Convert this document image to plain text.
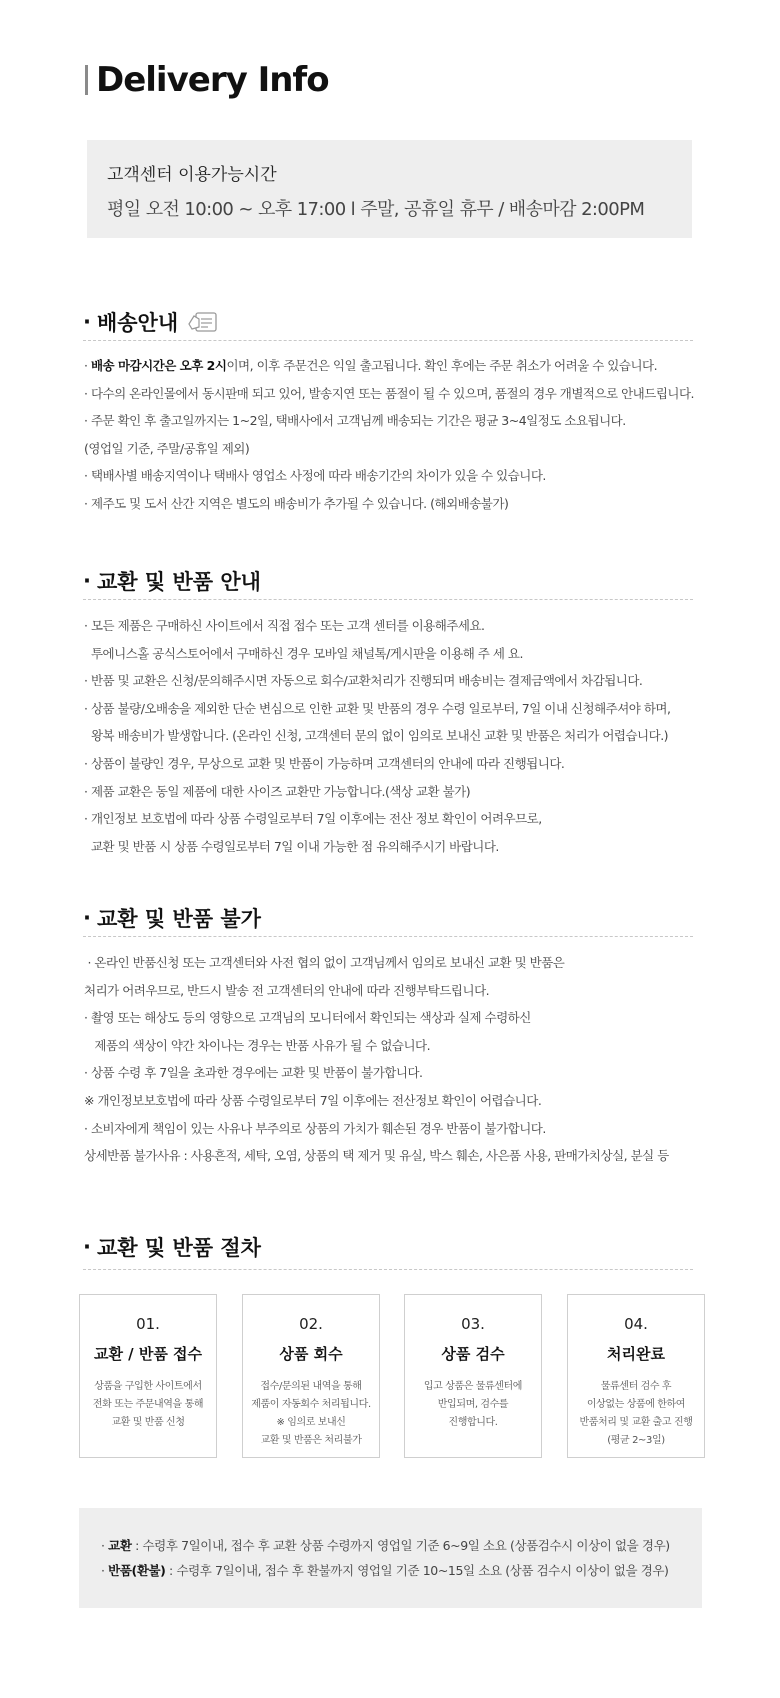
Delivery Info
고객센터 이용가능시간
평일 오전 10:00 ~ 오후 17:00 l 주말, 공휴일 휴무 / 배송마감 2:00PM
· 배송안내
· 배송 마감시간은 오후 2시이며, 이후 주문건은 익일 출고됩니다. 확인 후에는 주문 취소가 어려울 수 있습니다.
· 다수의 온라인몰에서 동시판매 되고 있어, 발송지연 또는 품절이 될 수 있으며, 품절의 경우 개별적으로 안내드립니다.
· 주문 확인 후 출고일까지는 1~2일, 택배사에서 고객님께 배송되는 기간은 평균 3~4일정도 소요됩니다.
(영업일 기준, 주말/공휴일 제외)
· 택배사별 배송지역이나 택배사 영업소 사정에 따라 배송기간의 차이가 있을 수 있습니다.
· 제주도 및 도서 산간 지역은 별도의 배송비가 추가될 수 있습니다. (해외배송불가)
· 교환 및 반품 안내
· 모든 제품은 구매하신 사이트에서 직접 접수 또는 고객 센터를 이용해주세요.
투에니스홀 공식스토어에서 구매하신 경우 모바일 채널톡/게시판을 이용해 주 세 요.
· 반품 및 교환은 신청/문의해주시면 자동으로 회수/교환처리가 진행되며 배송비는 결제금액에서 차감됩니다.
· 상품 불량/오배송을 제외한 단순 변심으로 인한 교환 및 반품의 경우 수령 일로부터, 7일 이내 신청해주셔야 하며,
왕복 배송비가 발생합니다. (온라인 신청, 고객센터 문의 없이 임의로 보내신 교환 및 반품은 처리가 어렵습니다.)
· 상품이 불량인 경우, 무상으로 교환 및 반품이 가능하며 고객센터의 안내에 따라 진행됩니다.
· 제품 교환은 동일 제품에 대한 사이즈 교환만 가능합니다.(색상 교환 불가)
· 개인정보 보호법에 따라 상품 수령일로부터 7일 이후에는 전산 정보 확인이 어려우므로,
교환 및 반품 시 상품 수령일로부터 7일 이내 가능한 점 유의해주시기 바랍니다.
· 교환 및 반품 불가
· 온라인 반품신청 또는 고객센터와 사전 협의 없이 고객님께서 임의로 보내신 교환 및 반품은
처리가 어려우므로, 반드시 발송 전 고객센터의 안내에 따라 진행부탁드립니다.
· 촬영 또는 해상도 등의 영향으로 고객님의 모니터에서 확인되는 색상과 실제 수령하신
제품의 색상이 약간 차이나는 경우는 반품 사유가 될 수 없습니다.
· 상품 수령 후 7일을 초과한 경우에는 교환 및 반품이 불가합니다.
※ 개인정보보호법에 따라 상품 수령일로부터 7일 이후에는 전산정보 확인이 어렵습니다.
· 소비자에게 책임이 있는 사유나 부주의로 상품의 가치가 훼손된 경우 반품이 불가합니다.
상세반품 불가사유 : 사용흔적, 세탁, 오염, 상품의 택 제거 및 유실, 박스 훼손, 사은품 사용, 판매가치상실, 분실 등
· 교환 및 반품 절차
01.
교환 / 반품 접수
상품을 구입한 사이트에서
전화 또는 주문내역을 통해
교환 및 반품 신청
02.
상품 회수
접수/문의된 내역을 통해
제품이 자동회수 처리됩니다.
※ 임의로 보내신
교환 및 반품은 처리불가
03.
상품 검수
입고 상품은 물류센터에
반입되며, 검수를
진행합니다.
04.
처리완료
물류센터 검수 후
이상없는 상품에 한하여
반품처리 및 교환 출고 진행
(평균 2~3일)
· 교환 : 수령후 7일이내, 접수 후 교환 상품 수령까지 영업일 기준 6~9일 소요 (상품검수시 이상이 없을 경우)
· 반품(환불) : 수령후 7일이내, 접수 후 환불까지 영업일 기준 10~15일 소요 (상품 검수시 이상이 없을 경우)
